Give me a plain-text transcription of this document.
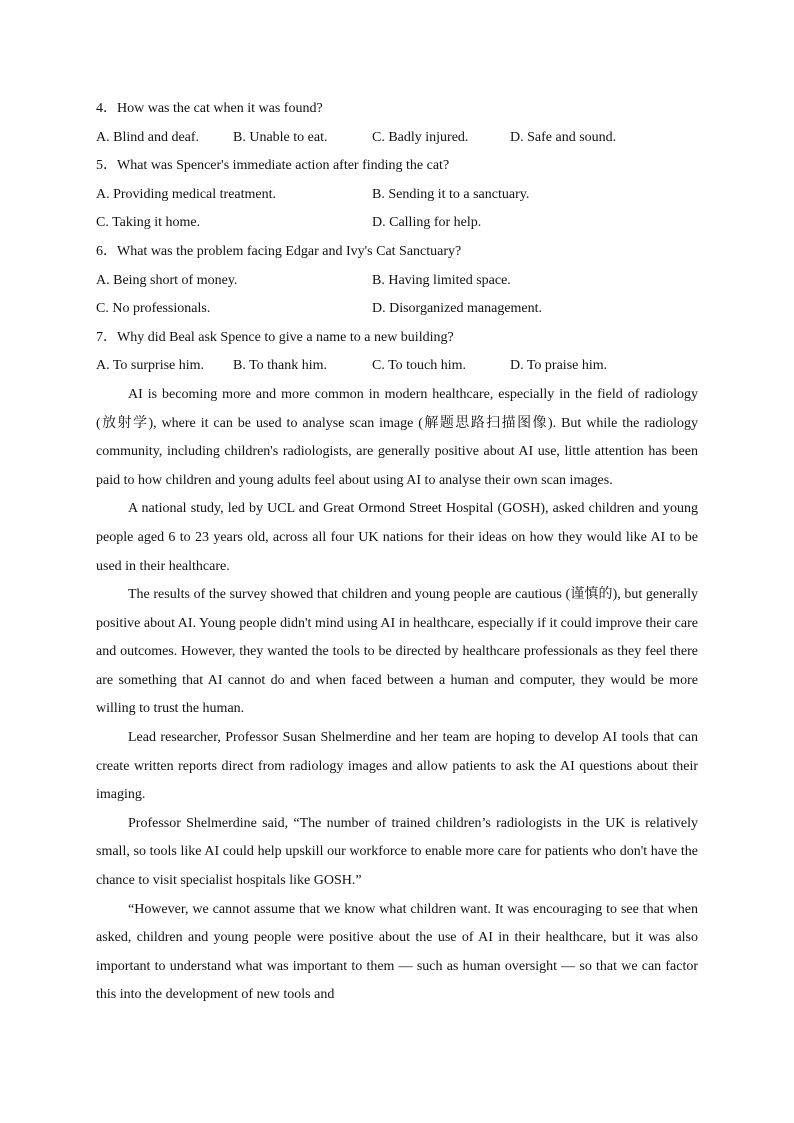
4．How was the cat when it was found?
A. Blind and deaf. B. Unable to eat.	C. Badly injured.	D. Safe and sound.
5．What was Spencer's immediate action after finding the cat?
A. Providing medical treatment.	B. Sending it to a sanctuary.
C. Taking it home.	D. Calling for help.
6．What was the problem facing Edgar and Ivy's Cat Sanctuary?
A. Being short of money.	B. Having limited space.
C. No professionals.	D. Disorganized management.
7．Why did Beal ask Spence to give a name to a new building?
A. To surprise him. B. To thank him.	C. To touch him.	D. To praise him.

AI is becoming more and more common in modern healthcare, especially in the field of radiology (放射学), where it can be used to analyse scan image (解题思路扫描图像). But while the radiology community, including children's radiologists, are generally positive about AI use, little attention has been paid to how children and young adults feel about using AI to analyse their own scan images.

A national study, led by UCL and Great Ormond Street Hospital (GOSH), asked children and young people aged 6 to 23 years old, across all four UK nations for their ideas on how they would like AI to be used in their healthcare.

The results of the survey showed that children and young people are cautious (谨慎的), but generally positive about AI. Young people didn't mind using AI in healthcare, especially if it could improve their care and outcomes. However, they wanted the tools to be directed by healthcare professionals as they feel there are something that AI cannot do and when faced between a human and computer, they would be more willing to trust the human.

Lead researcher, Professor Susan Shelmerdine and her team are hoping to develop AI tools that can create written reports direct from radiology images and allow patients to ask the AI questions about their imaging.

Professor Shelmerdine said, “The number of trained children’s radiologists in the UK is relatively small, so tools like AI could help upskill our workforce to enable more care for patients who don't have the chance to visit specialist hospitals like GOSH.”

“However, we cannot assume that we know what children want. It was encouraging to see that when asked, children and young people were positive about the use of AI in their healthcare, but it was also important to understand what was important to them — such as human oversight — so that we can factor this into the development of new tools and
